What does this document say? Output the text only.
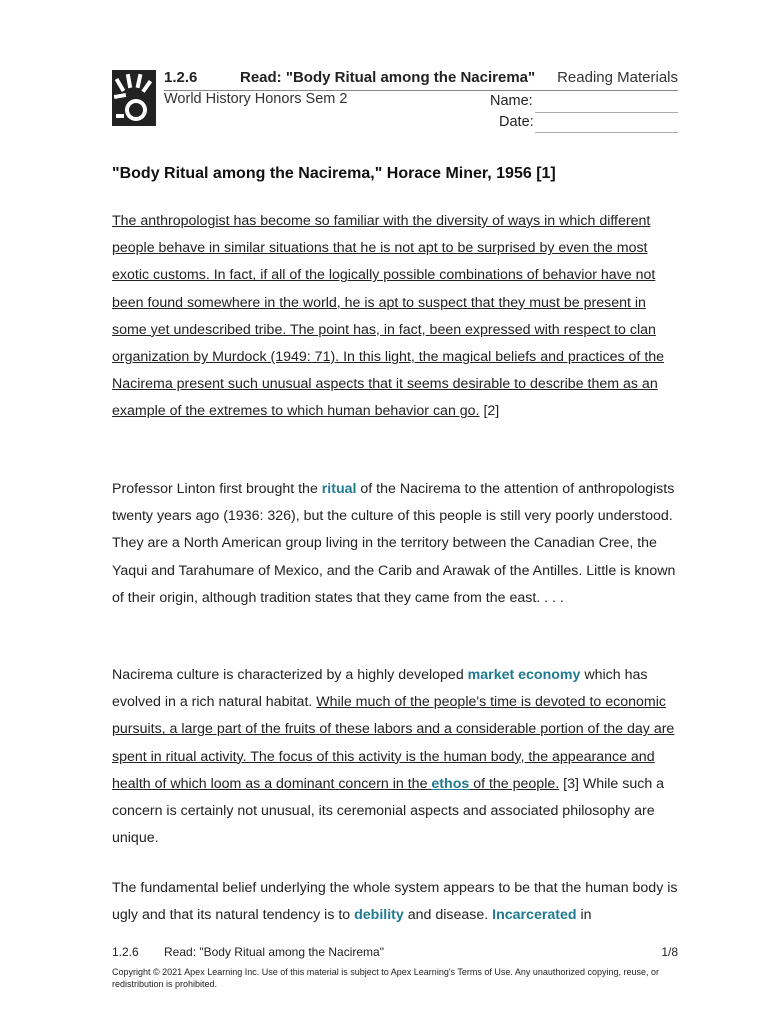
1.2.6	Read: "Body Ritual among the Nacirema" Reading Materials
World History Honors Sem 2	Name:
Date:
"Body Ritual among the Nacirema," Horace Miner, 1956 [1]
The anthropologist has become so familiar with the diversity of ways in which different people behave in similar situations that he is not apt to be surprised by even the most exotic customs. In fact, if all of the logically possible combinations of behavior have not been found somewhere in the world, he is apt to suspect that they must be present in some yet undescribed tribe. The point has, in fact, been expressed with respect to clan organization by Murdock (1949: 71). In this light, the magical beliefs and practices of the Nacirema present such unusual aspects that it seems desirable to describe them as an example of the extremes to which human behavior can go. [2]
Professor Linton first brought the ritual of the Nacirema to the attention of anthropologists twenty years ago (1936: 326), but the culture of this people is still very poorly understood. They are a North American group living in the territory between the Canadian Cree, the Yaqui and Tarahumare of Mexico, and the Carib and Arawak of the Antilles. Little is known of their origin, although tradition states that they came from the east. . . .
Nacirema culture is characterized by a highly developed market economy which has evolved in a rich natural habitat. While much of the people's time is devoted to economic pursuits, a large part of the fruits of these labors and a considerable portion of the day are spent in ritual activity. The focus of this activity is the human body, the appearance and health of which loom as a dominant concern in the ethos of the people. [3] While such a concern is certainly not unusual, its ceremonial aspects and associated philosophy are unique.
The fundamental belief underlying the whole system appears to be that the human body is ugly and that its natural tendency is to debility and disease. Incarcerated in
1.2.6 Read: "Body Ritual among the Nacirema"	1/8
Copyright © 2021 Apex Learning Inc. Use of this material is subject to Apex Learning's Terms of Use. Any unauthorized copying, reuse, or redistribution is prohibited.
